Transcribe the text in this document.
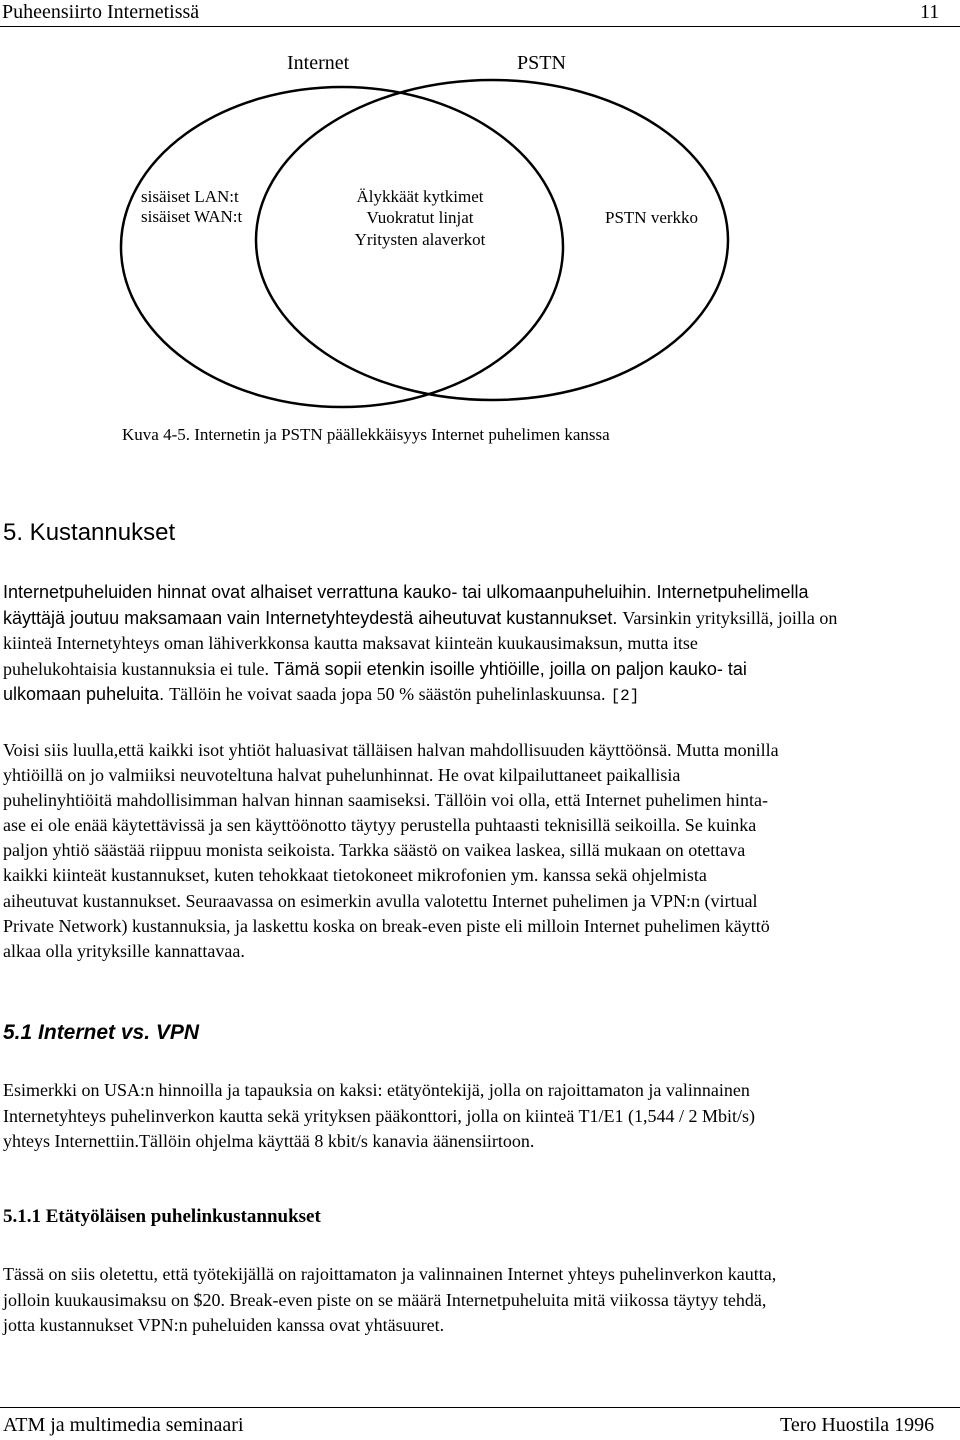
Puheensiirto Internetissä	11
Internet	PSTN
sisäiset LAN:t
sisäiset WAN:t
Älykkäät kytkimet
Vuokratut linjat
Yritysten alaverkot
PSTN verkko
Kuva 4-5. Internetin ja PSTN päällekkäisyys Internet puhelimen kanssa
5. Kustannukset
Internetpuheluiden hinnat ovat alhaiset verrattuna kauko- tai ulkomaanpuheluihin. Internetpuhelimella
käyttäjä joutuu maksamaan vain Internetyhteydestä aiheutuvat kustannukset. Varsinkin yrityksillä, joilla on
kiinteä Internetyhteys oman lähiverkkonsa kautta maksavat kiinteän kuukausimaksun, mutta itse
puhelukohtaisia kustannuksia ei tule. Tämä sopii etenkin isoille yhtiöille, joilla on paljon kauko- tai
ulkomaan puheluita. Tällöin he voivat saada jopa 50 % säästön puhelinlaskuunsa. [2]
Voisi siis luulla,että kaikki isot yhtiöt haluasivat tälläisen halvan mahdollisuuden käyttöönsä. Mutta monilla
yhtiöillä on jo valmiiksi neuvoteltuna halvat puhelunhinnat. He ovat kilpailuttaneet paikallisia
puhelinyhtiöitä mahdollisimman halvan hinnan saamiseksi. Tällöin voi olla, että Internet puhelimen hinta-
ase ei ole enää käytettävissä ja sen käyttöönotto täytyy perustella puhtaasti teknisillä seikoilla. Se kuinka
paljon yhtiö säästää riippuu monista seikoista. Tarkka säästö on vaikea laskea, sillä mukaan on otettava
kaikki kiinteät kustannukset, kuten tehokkaat tietokoneet mikrofonien ym. kanssa sekä ohjelmista
aiheutuvat kustannukset. Seuraavassa on esimerkin avulla valotettu Internet puhelimen ja VPN:n (virtual
Private Network) kustannuksia, ja laskettu koska on break-even piste eli milloin Internet puhelimen käyttö
alkaa olla yrityksille kannattavaa.
5.1 Internet vs. VPN
Esimerkki on USA:n hinnoilla ja tapauksia on kaksi: etätyöntekijä, jolla on rajoittamaton ja valinnainen
Internetyhteys puhelinverkon kautta sekä yrityksen pääkonttori, jolla on kiinteä T1/E1 (1,544 / 2 Mbit/s)
yhteys Internettiin.Tällöin ohjelma käyttää 8 kbit/s kanavia äänensiirtoon.
5.1.1 Etätyöläisen puhelinkustannukset
Tässä on siis oletettu, että työtekijällä on rajoittamaton ja valinnainen Internet yhteys puhelinverkon kautta,
jolloin kuukausimaksu on $20. Break-even piste on se määrä Internetpuheluita mitä viikossa täytyy tehdä,
jotta kustannukset VPN:n puheluiden kanssa ovat yhtäsuuret.
ATM ja multimedia seminaari	Tero Huostila 1996
